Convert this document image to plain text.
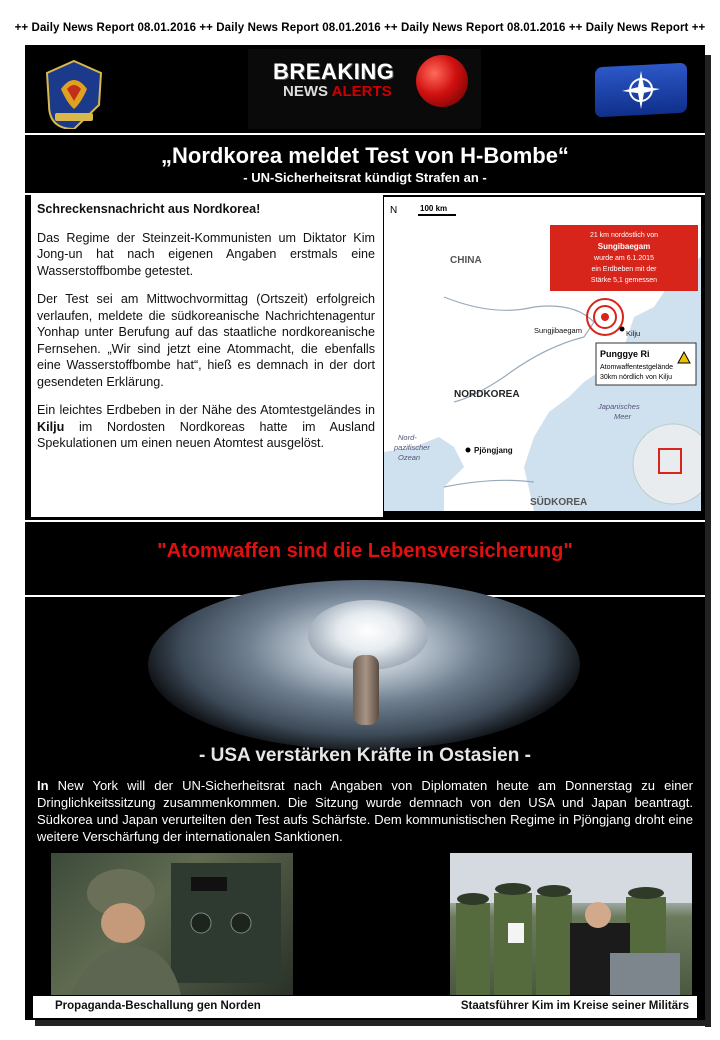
++ Daily News Report 08.01.2016 ++ Daily News Report 08.01.2016 ++ Daily News Report 08.01.2016 ++ Daily News Report ++
BREAKING
NEWS ALERTS
„Nordkorea meldet Test von H-Bombe“
- UN-Sicherheitsrat kündigt Strafen an -

Schreckensnachricht aus Nordkorea!

Das Regime der Steinzeit-Kommunisten um Diktator Kim Jong-un hat nach eigenen Angaben erstmals eine Wasserstoffbombe getestet.

Der Test sei am Mittwochvormittag (Ortszeit) erfolgreich verlaufen, meldete die südkoreanische Nachrichtenagentur Yonhap unter Berufung auf das staatliche nordkoreanische Fernsehen. „Wir sind jetzt eine Atommacht, die ebenfalls eine Wasserstoffbombe hat“, hieß es demnach in der dort gesendeten Erklärung.

Ein leichtes Erdbeben in der Nähe des Atomtestgeländes in Kilju im Nordosten Nordkoreas hatte im Ausland Spekulationen um einen neuen Atomtest ausgelöst.

N	100 km
CHINA
NORDKOREA
SÜDKOREA
Pjöngjang
Sungjibaegam	Kilju
Japanisches
Meer
Nord-
pazifischer
Ozean
21 km nordöstlich von
Sungibaegam
wurde am 6.1.2015
ein Erdbeben mit der
Stärke 5,1 gemessen
Punggye Ri
Atomwaffentestgelände
30km nördlich von Kilju
"Atomwaffen sind die Lebensversicherung"
- USA verstärken Kräfte in Ostasien -
In New York will der UN-Sicherheitsrat nach Angaben von Diplomaten heute am Donnerstag zu einer Dringlichkeitssitzung zusammenkommen. Die Sitzung wurde demnach von den USA und Japan beantragt. Südkorea und Japan verurteilten den Test aufs Schärfste. Dem kommunistischen Regime in Pjöngjang droht eine weitere Verschärfung der internationalen Sanktionen.
Propaganda-Beschallung gen Norden	Staatsführer Kim im Kreise seiner Militärs
